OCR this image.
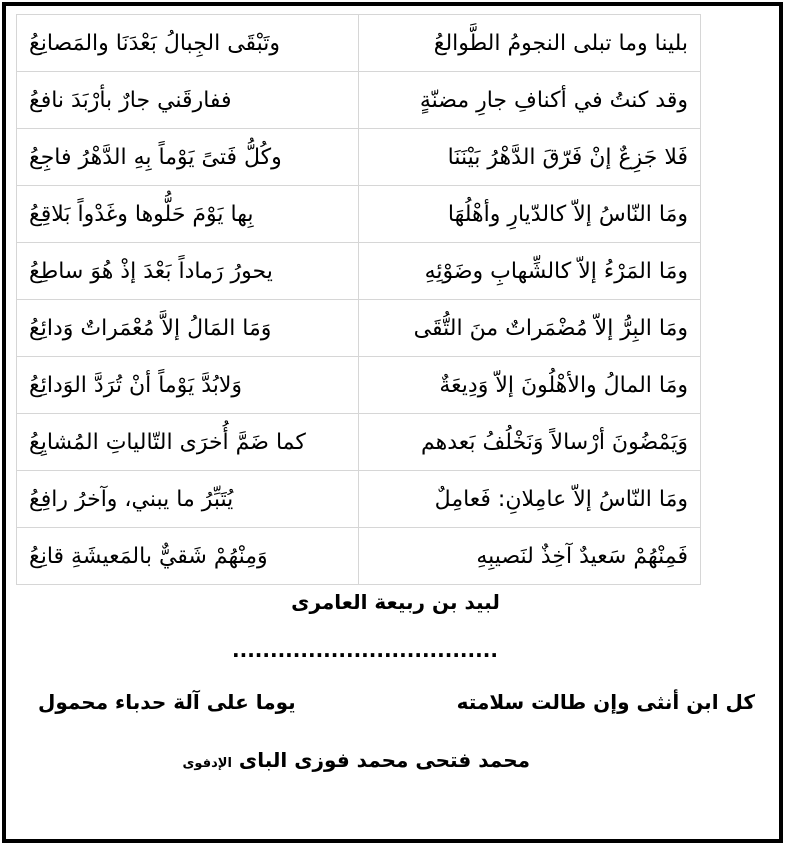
بلينا وما تبلى النجومُ الطَّوالعُ	وتَبْقَى الجِبالُ بَعْدَنَا والمَصانِعُ
وقد كنتُ في أكنافِ جارِ مضنّةٍ	ففارقَني جارٌ بأرْبَدَ نافعُ
فَلا جَزِعٌ إنْ فَرّقَ الدَّهْرُ بَيْنَنَا	وكُلُّ فَتىً يَوْماً بِهِ الدَّهْرُ فاجِعُ
ومَا النّاسُ إلاّ كالدّيارِ وأهْلُهَا	بِها يَوْمَ حَلُّوها وغَدْواً بَلاقِعُ
ومَا المَرْءُ إلاّ كالشِّهابِ وضَوْئِهِ	يحورُ رَماداً بَعْدَ إذْ هُوَ ساطِعُ
ومَا البِرُّ إلاّ مُضْمَراتٌ منَ التُّقَى	وَمَا المَالُ إلاَّ مُعْمَراتٌ وَدائِعُ
ومَا المالُ والأهْلُونَ إلاّ وَدِيعَةٌ	وَلابُدَّ يَوْماً أنْ تُرَدَّ الوَدائِعُ
وَيَمْضُونَ أرْسالاً وَنَخْلُفُ بَعدهم	كما ضَمَّ أُخرَى التّالياتِ المُشايِعُ
ومَا النّاسُ إلاّ عامِلانِ: فَعامِلٌ	يُتَبِّرُ ما يبني، وآخرُ رافِعُ
فَمِنْهُمْ سَعيدٌ آخِذٌ لنَصيبِهِ	وَمِنْهُمْ شَقيٌّ بالمَعيشَةِ قانِعُ
لبيد بن ربيعة العامرى
...................................
كل ابن أنثى وإن طالت سلامته
يوما على آلة حدباء محمول
محمد فتحى محمد فوزى الباى الإدفوى
